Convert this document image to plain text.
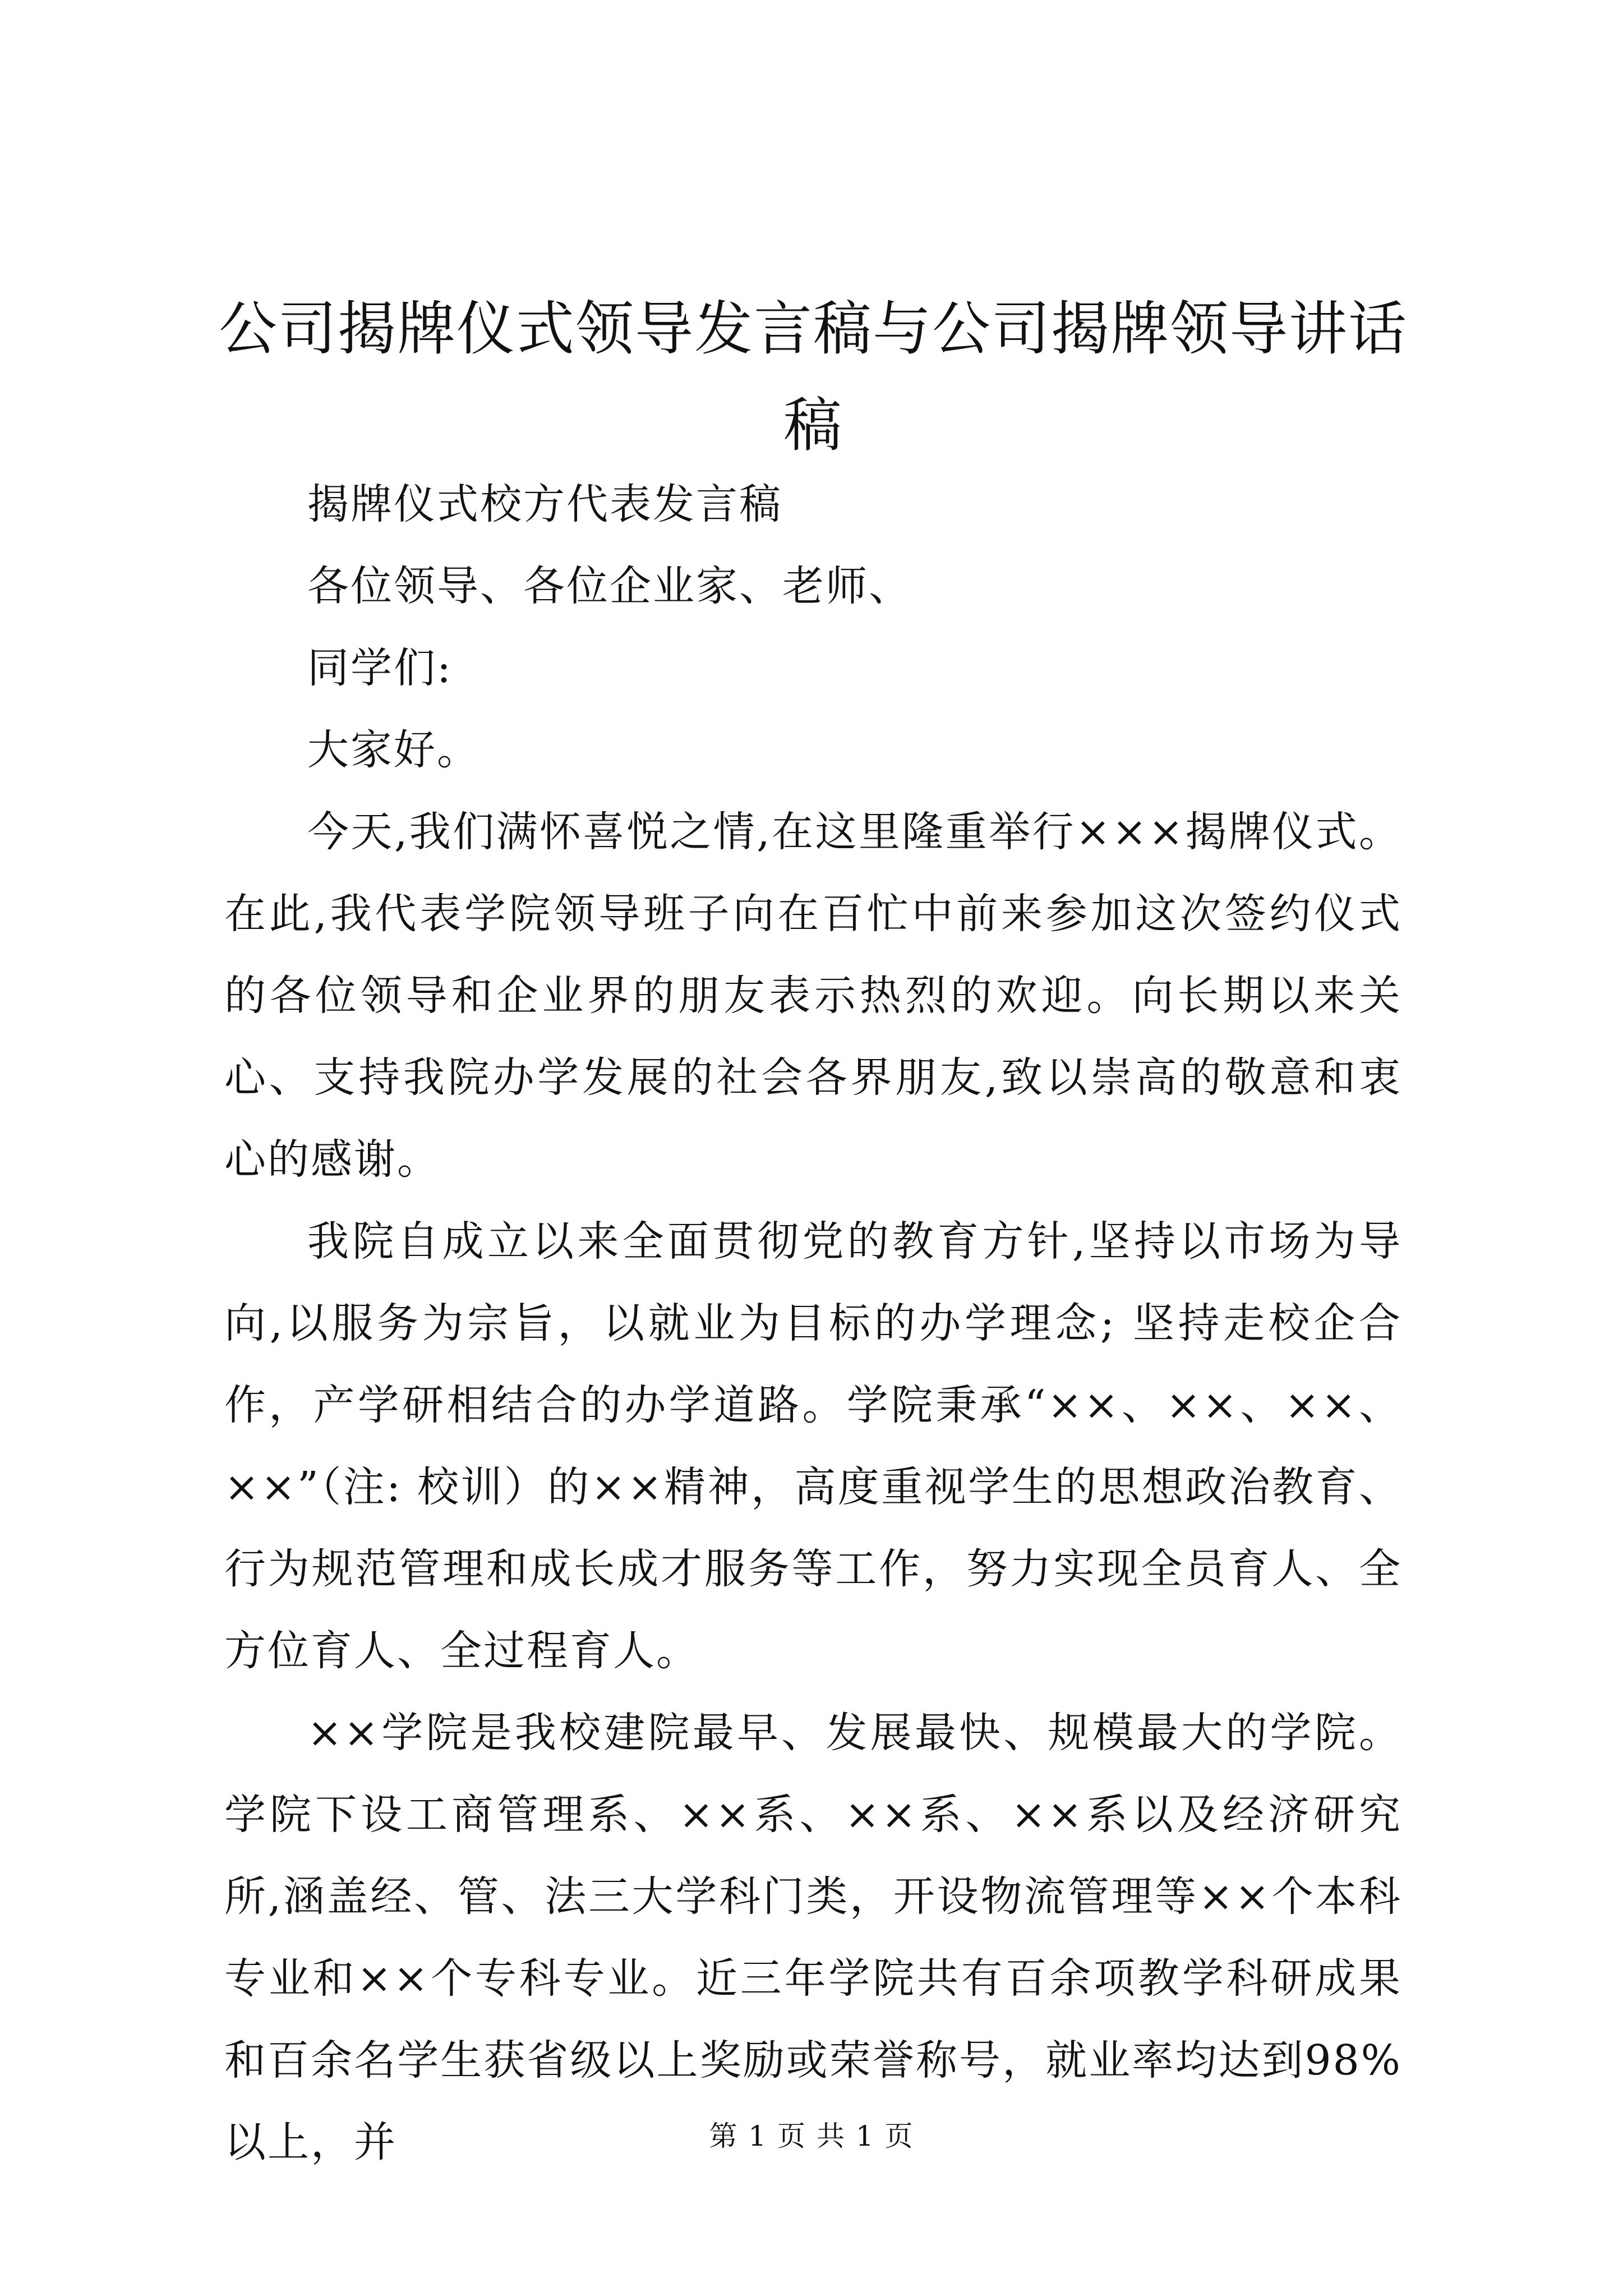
公司揭牌仪式领导发言稿与公司揭牌领导讲话稿

揭牌仪式校方代表发言稿

各位领导、各位企业家、老师、

同学们:

大家好。

今天,我们满怀喜悦之情,在这里隆重举行×××揭牌仪式。在此,我代表学院领导班子向在百忙中前来参加这次签约仪式的各位领导和企业界的朋友表示热烈的欢迎。向长期以来关心、支持我院办学发展的社会各界朋友,致以崇高的敬意和衷心的感谢。

我院自成立以来全面贯彻党的教育方针,坚持以市场为导向,以服务为宗旨，以就业为目标的办学理念; 坚持走校企合作，产学研相结合的办学道路。学院秉承“××、××、××、××”（注: 校训）的××精神，高度重视学生的思想政治教育、行为规范管理和成长成才服务等工作，努力实现全员育人、全方位育人、全过程育人。

××学院是我校建院最早、发展最快、规模最大的学院。学院下设工商管理系、××系、××系、××系以及经济研究所,涵盖经、管、法三大学科门类，开设物流管理等××个本科专业和××个专科专业。近三年学院共有百余项教学科研成果和百余名学生获省级以上奖励或荣誉称号，就业率均达到98%以上，并	第 1 页 共 1 页
